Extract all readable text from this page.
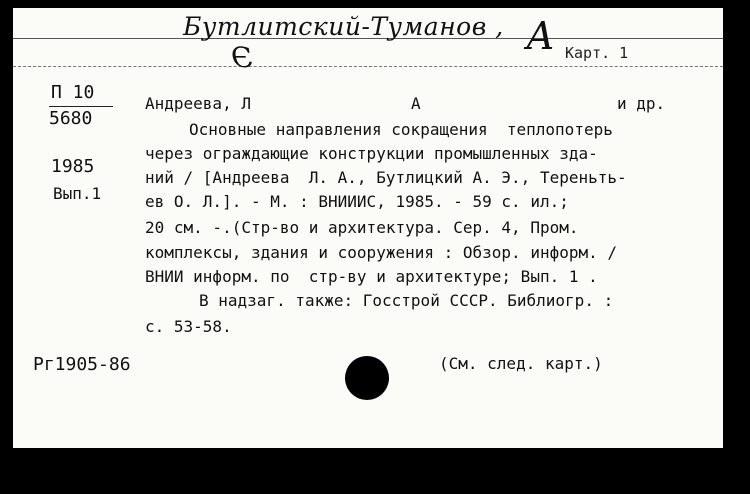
Бутлитский-Туманов , А
Э	Карт. 1
П 10
5680
1985
Вып.1
Андреева, Л	А	и др.
Основные направления сокращения  теплопотерь
через ограждающие конструкции промышленных зда-
ний / [Андреева  Л. А., Бутлицкий А. Э., Тереньть-
ев О. Л.]. - М. : ВНИИИС, 1985. - 59 с. ил.;
20 см. -.(Стр-во и архитектура. Сер. 4, Пром.
комплексы, здания и сооружения : Обзор. информ. /
ВНИИ информ. по  стр-ву и архитектуре; Вып. 1 .
В надзаг. также: Госстрой СССР. Библиогр. :
с. 53-58.
Рг1905-86	(См. след. карт.)
